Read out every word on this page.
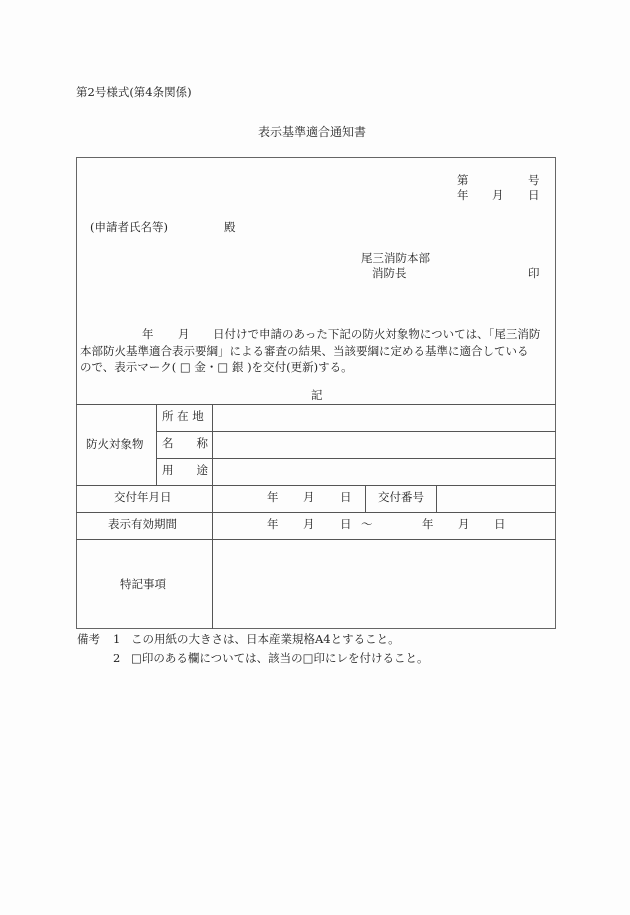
第2号様式(第4条関係)
表示基準適合通知書
第	号
年 月 日
(申請者氏名等)	殿
尾三消防本部
消防長	印
年 月 日付けで申請のあった下記の防火対象物については、「尾三消防
本部防火基準適合表示要綱」による審査の結果、当該要綱に定める基準に適合している
ので、表示マーク( □ 金・□ 銀 )を交付(更新)する。
記
防火対象物
所 在 地
名　　称
用　　途
交付年月日	年 月 日 交付番号
表示有効期間	年 月 日 ～	年 月 日
特記事項
備考 1 この用紙の大きさは、日本産業規格A4とすること。
2 □印のある欄については、該当の□印にレを付けること。
